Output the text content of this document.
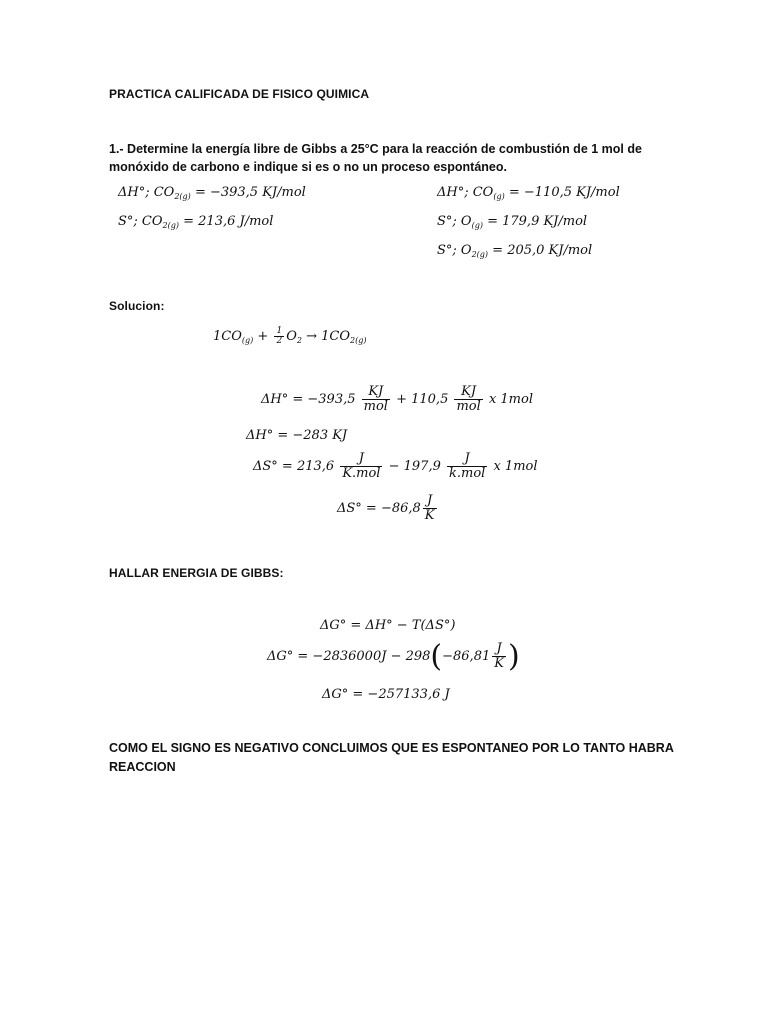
PRACTICA CALIFICADA DE FISICO QUIMICA
1.- Determine la energía libre de Gibbs a 25°C para la reacción de combustión de 1 mol de
monóxido de carbono e indique si es o no un proceso espontáneo.
ΔH°; $CO_{2(g)} = -393,5$ KJ/mol
S°; $CO_{2(g)} = 213,6$ J/mol
ΔH°; $CO_{(g)} = -110,5$ KJ/mol
S°; $O_{(g)} = 179,9$ KJ/mol
S°; $O_{2(g)} = 205,0$ KJ/mol
Solucion:
$1CO_{(g)} + \frac{1}{2} O_2 \to 1CO_{2(g)}$
$\Delta H^\circ = -393,5 \frac{KJ}{\text{mol}} + 110,5 \frac{KJ}{\text{mol}}$ x 1mol
ΔH° = −283 KJ
$\Delta S^\circ = 213,6 \frac{J}{\text{K.mol}} - 197,9 \frac{J}{\text{k.mol}}$ x 1mol
$\Delta S^\circ = -86,8 \frac{J}{K}$
HALLAR ENERGIA DE GIBBS:
ΔG° = ΔH° − T(ΔS°)
$\Delta G^\circ = -2836000J - 298(-86,81 \frac{J}{K}$ )
ΔG° = −257133,6 J
COMO EL SIGNO ES NEGATIVO CONCLUIMOS QUE ES ESPONTANEO POR LO TANTO HABRA
REACCION
